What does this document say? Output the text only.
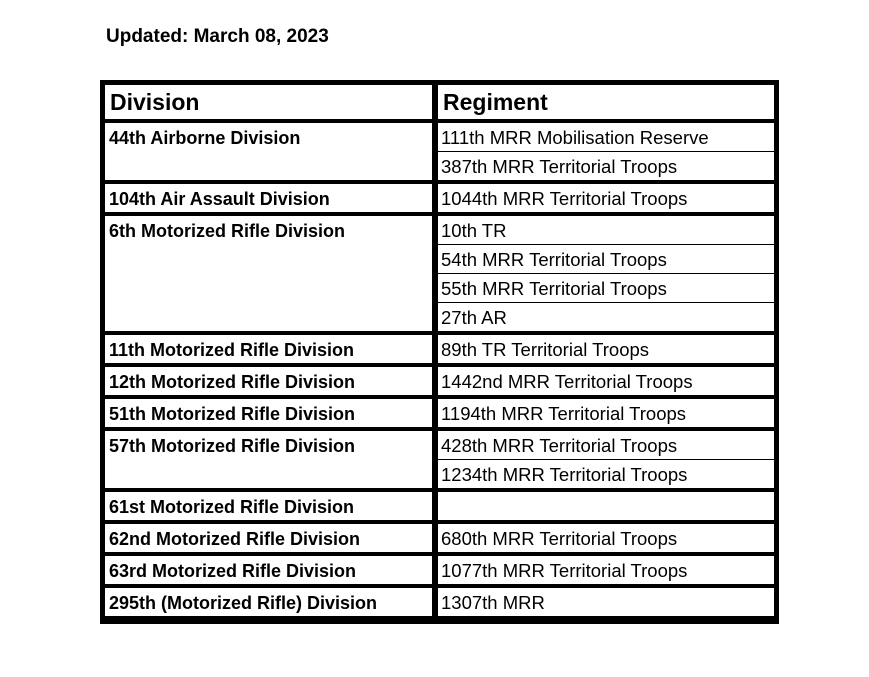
Updated: March 08, 2023
Division	Regiment
44th Airborne Division	111th MRR Mobilisation Reserve
387th MRR Territorial Troops
104th Air Assault Division	1044th MRR Territorial Troops
6th Motorized Rifle Division	10th TR
54th MRR Territorial Troops
55th MRR Territorial Troops
27th AR
11th Motorized Rifle Division	89th TR Territorial Troops
12th Motorized Rifle Division	1442nd MRR Territorial Troops
51th Motorized Rifle Division	1194th MRR Territorial Troops
57th Motorized Rifle Division	428th MRR Territorial Troops
1234th MRR Territorial Troops
61st Motorized Rifle Division
62nd Motorized Rifle Division	680th MRR Territorial Troops
63rd Motorized Rifle Division	1077th MRR Territorial Troops
295th (Motorized Rifle) Division	1307th MRR
